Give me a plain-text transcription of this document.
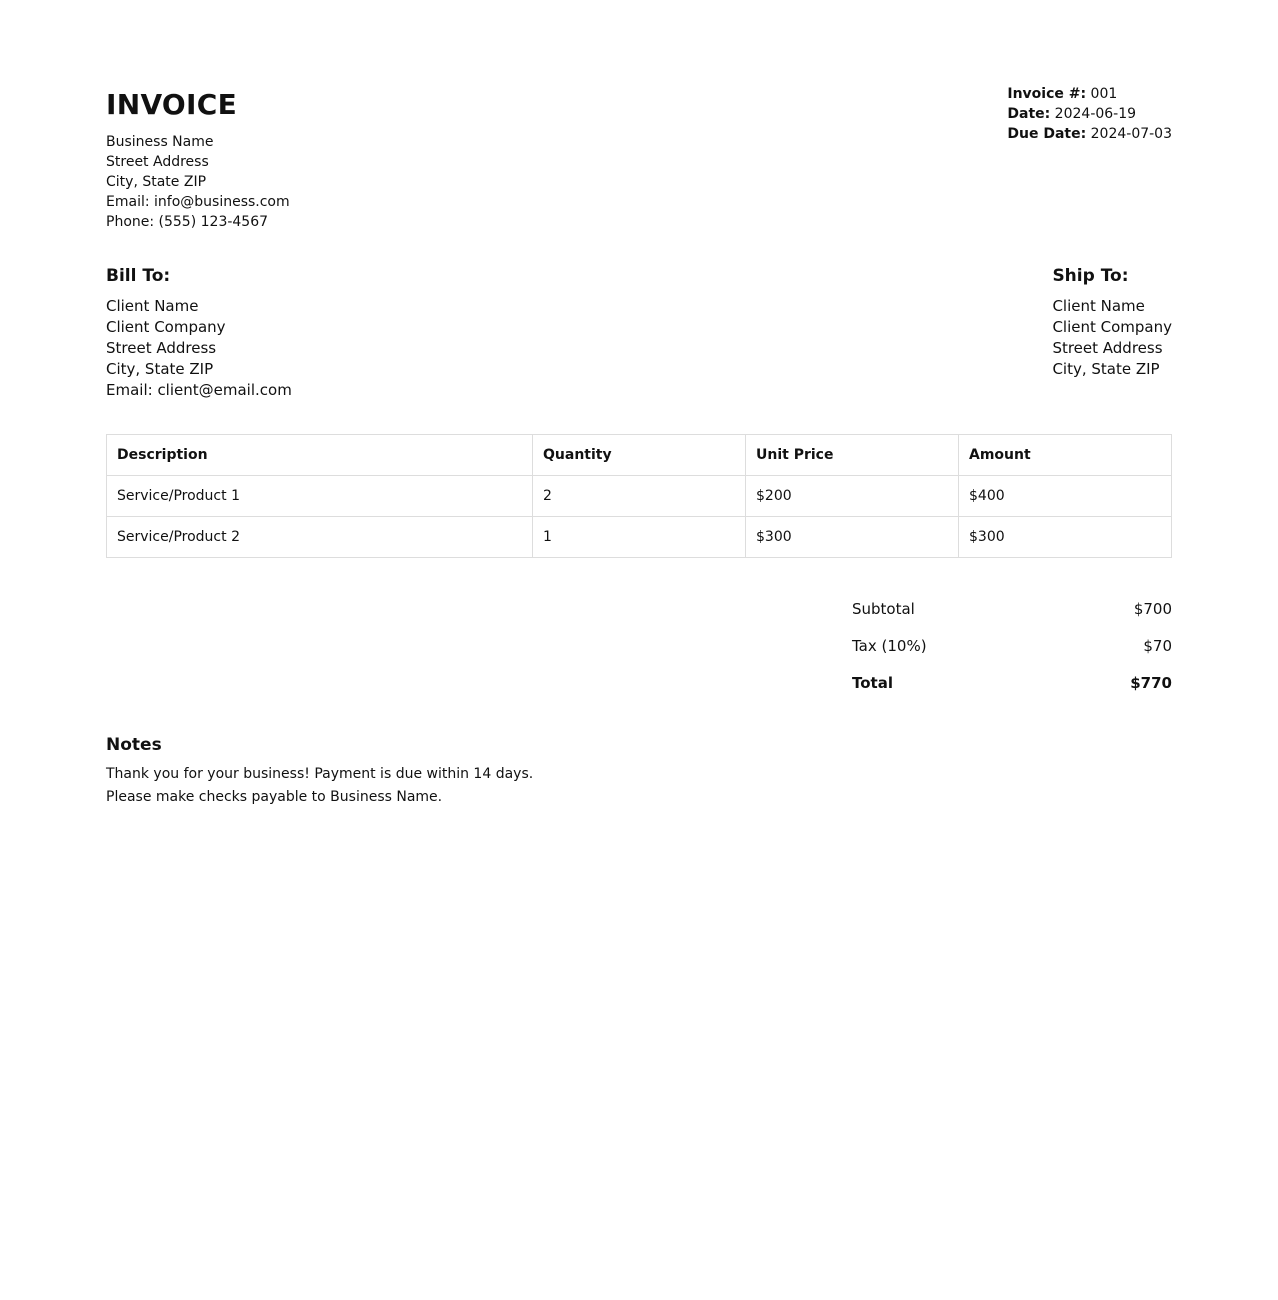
INVOICE
Business Name
Street Address
City, State ZIP
Email: info@business.com
Phone: (555) 123-4567
Invoice #: 001
Date: 2024-06-19
Due Date: 2024-07-03
Bill To:
Client Name
Client Company
Street Address
City, State ZIP
Email: client@email.com
Ship To:
Client Name
Client Company
Street Address
City, State ZIP
Description	Quantity	Unit Price	Amount
Service/Product 1	2	$200	$400
Service/Product 2	1	$300	$300
Subtotal	$700
Tax (10%)	$70
Total	$770
Notes
Thank you for your business! Payment is due within 14 days.
Please make checks payable to Business Name.
